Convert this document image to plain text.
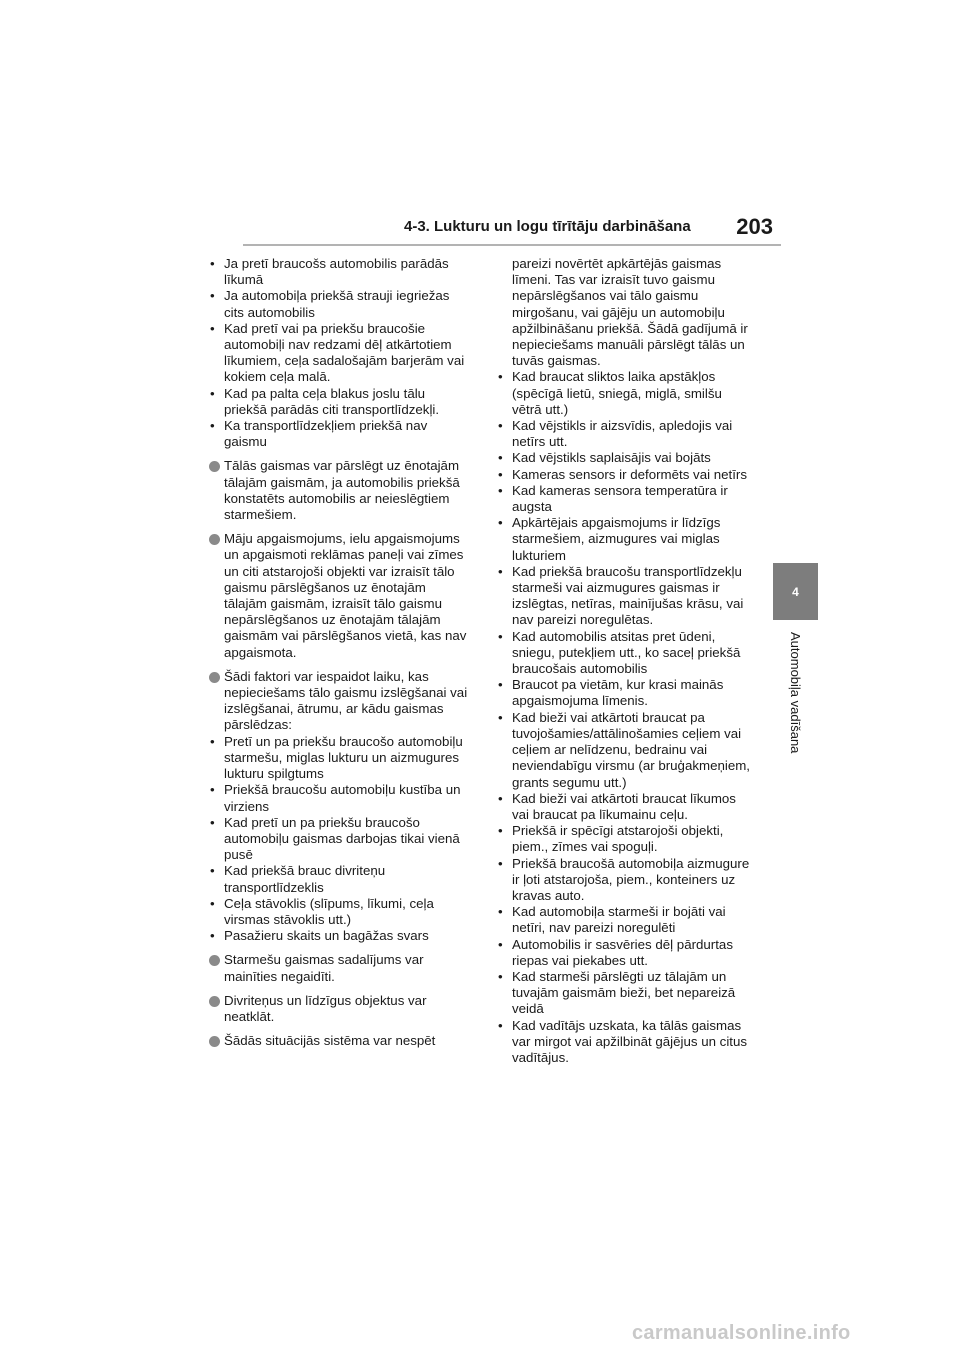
4-3. Lukturu un logu tīrītāju darbināšana 203
4
Automobiļa vadīšana
• Ja pretī braucošs automobilis parādās līkumā
• Ja automobiļa priekšā strauji iegriežas cits automobilis
• Kad pretī vai pa priekšu braucošie automobiļi nav redzami dēļ atkārtotiem līkumiem, ceļa sadalošajām barjerām vai kokiem ceļa malā.
• Kad pa palta ceļa blakus joslu tālu priekšā parādās citi transportlīdzekļi.
• Ka transportlīdzekļiem priekšā nav gaismu

Tālās gaismas var pārslēgt uz ēnotajām tālajām gaismām, ja automobilis priekšā konstatēts automobilis ar neieslēgtiem starmešiem.

Māju apgaismojums, ielu apgaismojums un apgaismoti reklāmas paneļi vai zīmes un citi atstarojoši objekti var izraisīt tālo gaismu pārslēgšanos uz ēnotajām tālajām gaismām, izraisīt tālo gaismu nepārslēgšanos uz ēnotajām tālajām gaismām vai pārslēgšanos vietā, kas nav apgaismota.

Šādi faktori var iespaidot laiku, kas nepieciešams tālo gaismu izslēgšanai vai izslēgšanai, ātrumu, ar kādu gaismas pārslēdzas:

• Pretī un pa priekšu braucošo automobiļu starmešu, miglas lukturu un aizmugures lukturu spilgtums
• Priekšā braucošu automobiļu kustība un virziens
• Kad pretī un pa priekšu braucošo automobiļu gaismas darbojas tikai vienā pusē
• Kad priekšā brauc divriteņu transportlīdzeklis
• Ceļa stāvoklis (slīpums, līkumi, ceļa virsmas stāvoklis utt.)
• Pasažieru skaits un bagāžas svars

Starmešu gaismas sadalījums var mainīties negaidīti.

Divriteņus un līdzīgus objektus var neatklāt.

Šādās situācijās sistēma var nespēt

pareizi novērtēt apkārtējās gaismas līmeni. Tas var izraisīt tuvo gaismu nepārslēgšanos vai tālo gaismu mirgošanu, vai gājēju un automobiļu apžilbināšanu priekšā. Šādā gadījumā ir nepieciešams manuāli pārslēgt tālās un tuvās gaismas.

• Kad braucat sliktos laika apstākļos (spēcīgā lietū, sniegā, miglā, smilšu vētrā utt.)
• Kad vējstikls ir aizsvīdis, apledojis vai netīrs utt.
• Kad vējstikls saplaisājis vai bojāts
• Kameras sensors ir deformēts vai netīrs
• Kad kameras sensora temperatūra ir augsta
• Apkārtējais apgaismojums ir līdzīgs starmešiem, aizmugures vai miglas lukturiem
• Kad priekšā braucošu transportlīdzekļu starmeši vai aizmugures gaismas ir izslēgtas, netīras, mainījušas krāsu, vai nav pareizi noregulētas.
• Kad automobilis atsitas pret ūdeni, sniegu, putekļiem utt., ko saceļ priekšā braucošais automobilis
• Braucot pa vietām, kur krasi mainās apgaismojuma līmenis.
• Kad bieži vai atkārtoti braucat pa tuvojošamies/attālinošamies ceļiem vai ceļiem ar nelīdzenu, bedrainu vai neviendabīgu virsmu (ar bruģakmeņiem, grants segumu utt.)
• Kad bieži vai atkārtoti braucat līkumos vai braucat pa līkumainu ceļu.
• Priekšā ir spēcīgi atstarojoši objekti, piem., zīmes vai spoguļi.
• Priekšā braucošā automobiļa aizmugure ir ļoti atstarojoša, piem., konteiners uz kravas auto.
• Kad automobiļa starmeši ir bojāti vai netīri, nav pareizi noregulēti
• Automobilis ir sasvēries dēļ pārdurtas riepas vai piekabes utt.
• Kad starmeši pārslēgti uz tālajām un tuvajām gaismām bieži, bet nepareizā veidā
• Kad vadītājs uzskata, ka tālās gaismas var mirgot vai apžilbināt gājējus un citus vadītājus.
carmanualsonline.info
